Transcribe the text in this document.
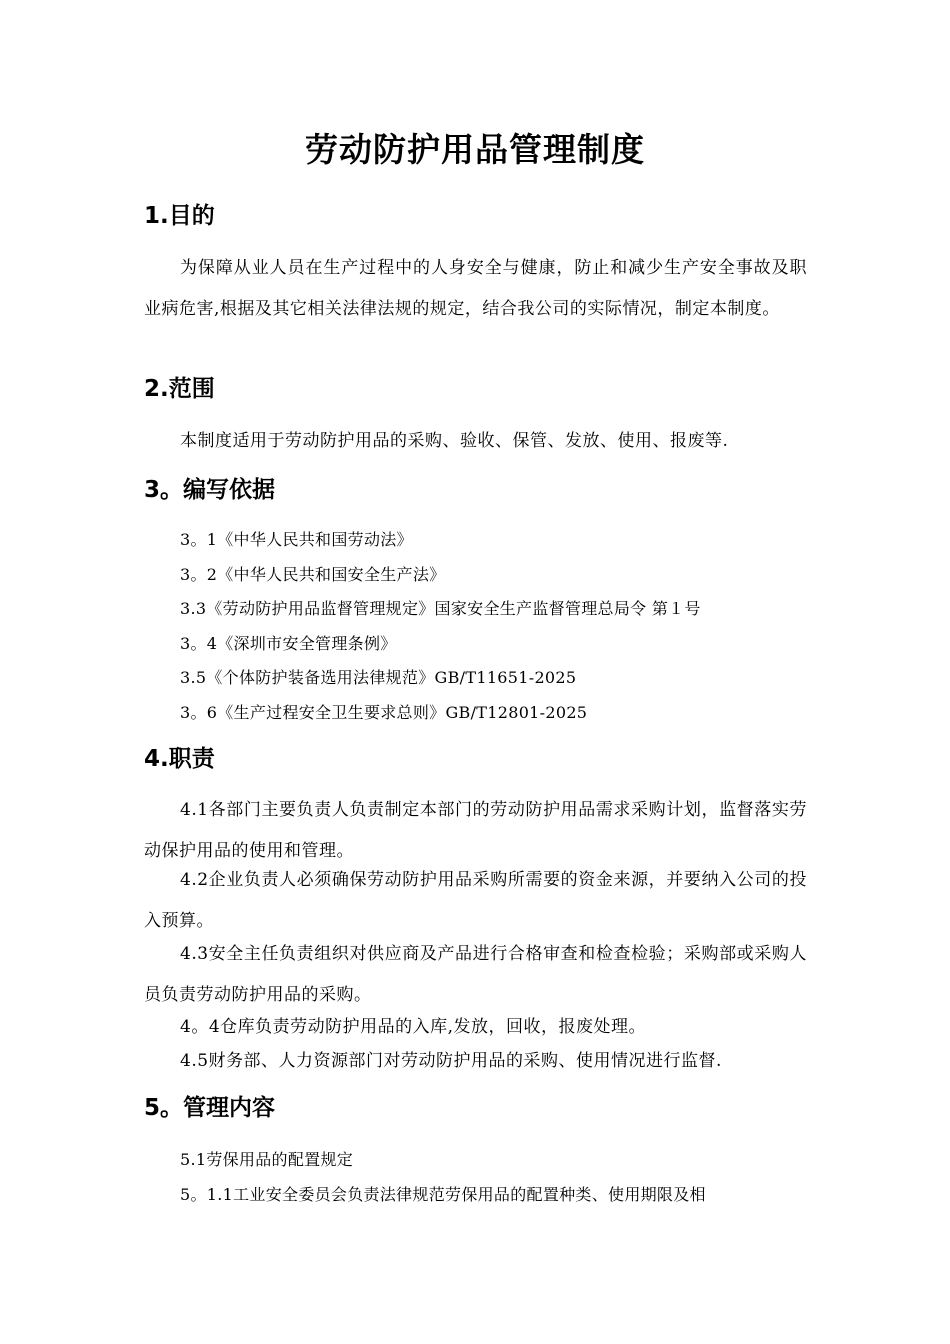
劳动防护用品管理制度
1.目的
为保障从业人员在生产过程中的人身安全与健康，防止和减少生产安全事故及职业病危害,根据及其它相关法律法规的规定，结合我公司的实际情况，制定本制度。
2.范围
本制度适用于劳动防护用品的采购、验收、保管、发放、使用、报废等.
3。编写依据
3。1《中华人民共和国劳动法》
3。2《中华人民共和国安全生产法》
3.3《劳动防护用品监督管理规定》国家安全生产监督管理总局令 第１号
3。4《深圳市安全管理条例》
3.5《个体防护装备选用法律规范》GB/T11651-2025
3。6《生产过程安全卫生要求总则》GB/T12801-2025
4.职责
4.1各部门主要负责人负责制定本部门的劳动防护用品需求采购计划，监督落实劳动保护用品的使用和管理。
4.2企业负责人必须确保劳动防护用品采购所需要的资金来源，并要纳入公司的投入预算。
4.3安全主任负责组织对供应商及产品进行合格审查和检查检验；采购部或采购人员负责劳动防护用品的采购。
4。4仓库负责劳动防护用品的入库,发放，回收，报废处理。
4.5财务部、人力资源部门对劳动防护用品的采购、使用情况进行监督.
5。管理内容
5.1劳保用品的配置规定
5。1.1工业安全委员会负责法律规范劳保用品的配置种类、使用期限及相
